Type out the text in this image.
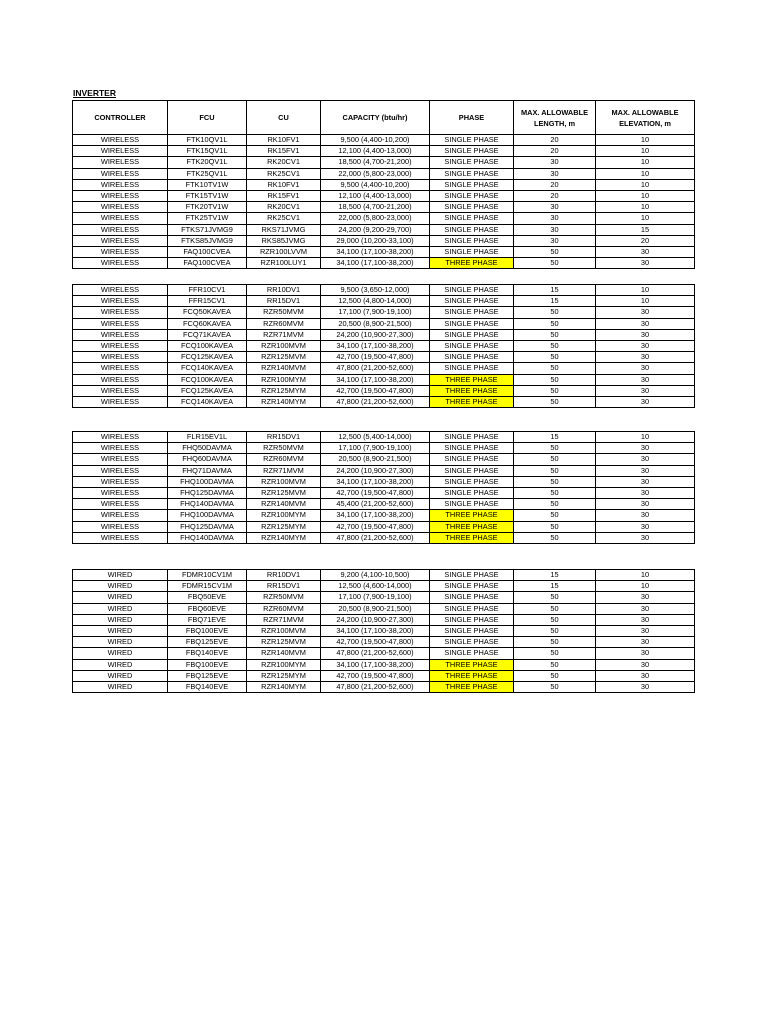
INVERTER
CONTROLLER	FCU	CU	CAPACITY (btu/hr)	PHASE	MAX. ALLOWABLE LENGTH, m	MAX. ALLOWABLE ELEVATION, m
WIRELESS	FTK10QV1L	RK10FV1	9,500 (4,400-10,200)	SINGLE PHASE	20	10
WIRELESS	FTK15QV1L	RK15FV1	12,100 (4,400-13,000)	SINGLE PHASE	20	10
WIRELESS	FTK20QV1L	RK20CV1	18,500 (4,700-21,200)	SINGLE PHASE	30	10
WIRELESS	FTK25QV1L	RK25CV1	22,000 (5,800-23,000)	SINGLE PHASE	30	10
WIRELESS	FTK10TV1W	RK10FV1	9,500 (4,400-10,200)	SINGLE PHASE	20	10
WIRELESS	FTK15TV1W	RK15FV1	12,100 (4,400-13,000)	SINGLE PHASE	20	10
WIRELESS	FTK20TV1W	RK20CV1	18,500 (4,700-21,200)	SINGLE PHASE	30	10
WIRELESS	FTK25TV1W	RK25CV1	22,000 (5,800-23,000)	SINGLE PHASE	30	10
WIRELESS	FTKS71JVMG9	RKS71JVMG	24,200 (9,200-29,700)	SINGLE PHASE	30	15
WIRELESS	FTKS85JVMG9	RKS85JVMG	29,000 (10,200-33,100)	SINGLE PHASE	30	20
WIRELESS	FAQ100CVEA	RZR100LVVM	34,100 (17,100-38,200)	SINGLE PHASE	50	30
WIRELESS	FAQ100CVEA	RZR100LUY1	34,100 (17,100-38,200)	THREE PHASE	50	30
WIRELESS	FFR10CV1	RR10DV1	9,500 (3,650-12,000)	SINGLE PHASE	15	10
WIRELESS	FFR15CV1	RR15DV1	12,500 (4,800-14,000)	SINGLE PHASE	15	10
WIRELESS	FCQ50KAVEA	RZR50MVM	17,100 (7,900-19,100)	SINGLE PHASE	50	30
WIRELESS	FCQ60KAVEA	RZR60MVM	20,500 (8,900-21,500)	SINGLE PHASE	50	30
WIRELESS	FCQ71KAVEA	RZR71MVM	24,200 (10,900-27,300)	SINGLE PHASE	50	30
WIRELESS	FCQ100KAVEA	RZR100MVM	34,100 (17,100-38,200)	SINGLE PHASE	50	30
WIRELESS	FCQ125KAVEA	RZR125MVM	42,700 (19,500-47,800)	SINGLE PHASE	50	30
WIRELESS	FCQ140KAVEA	RZR140MVM	47,800 (21,200-52,600)	SINGLE PHASE	50	30
WIRELESS	FCQ100KAVEA	RZR100MYM	34,100 (17,100-38,200)	THREE PHASE	50	30
WIRELESS	FCQ125KAVEA	RZR125MYM	42,700 (19,500-47,800)	THREE PHASE	50	30
WIRELESS	FCQ140KAVEA	RZR140MYM	47,800 (21,200-52,600)	THREE PHASE	50	30
WIRELESS	FLR15EV1L	RR15DV1	12,500 (5,400-14,000)	SINGLE PHASE	15	10
WIRELESS	FHQ50DAVMA	RZR50MVM	17,100 (7,900-19,100)	SINGLE PHASE	50	30
WIRELESS	FHQ60DAVMA	RZR60MVM	20,500 (8,900-21,500)	SINGLE PHASE	50	30
WIRELESS	FHQ71DAVMA	RZR71MVM	24,200 (10,900-27,300)	SINGLE PHASE	50	30
WIRELESS	FHQ100DAVMA	RZR100MVM	34,100 (17,100-38,200)	SINGLE PHASE	50	30
WIRELESS	FHQ125DAVMA	RZR125MVM	42,700 (19,500-47,800)	SINGLE PHASE	50	30
WIRELESS	FHQ140DAVMA	RZR140MVM	45,400 (21,200-52,600)	SINGLE PHASE	50	30
WIRELESS	FHQ100DAVMA	RZR100MYM	34,100 (17,100-38,200)	THREE PHASE	50	30
WIRELESS	FHQ125DAVMA	RZR125MYM	42,700 (19,500-47,800)	THREE PHASE	50	30
WIRELESS	FHQ140DAVMA	RZR140MYM	47,800 (21,200-52,600)	THREE PHASE	50	30
WIRED	FDMR10CV1M	RR10DV1	9,200 (4,100-10,500)	SINGLE PHASE	15	10
WIRED	FDMR15CV1M	RR15DV1	12,500 (4,600-14,000)	SINGLE PHASE	15	10
WIRED	FBQ50EVE	RZR50MVM	17,100 (7,900-19,100)	SINGLE PHASE	50	30
WIRED	FBQ60EVE	RZR60MVM	20,500 (8,900-21,500)	SINGLE PHASE	50	30
WIRED	FBQ71EVE	RZR71MVM	24,200 (10,900-27,300)	SINGLE PHASE	50	30
WIRED	FBQ100EVE	RZR100MVM	34,100 (17,100-38,200)	SINGLE PHASE	50	30
WIRED	FBQ125EVE	RZR125MVM	42,700 (19,500-47,800)	SINGLE PHASE	50	30
WIRED	FBQ140EVE	RZR140MVM	47,800 (21,200-52,600)	SINGLE PHASE	50	30
WIRED	FBQ100EVE	RZR100MYM	34,100 (17,100-38,200)	THREE PHASE	50	30
WIRED	FBQ125EVE	RZR125MYM	42,700 (19,500-47,800)	THREE PHASE	50	30
WIRED	FBQ140EVE	RZR140MYM	47,800 (21,200-52,600)	THREE PHASE	50	30
